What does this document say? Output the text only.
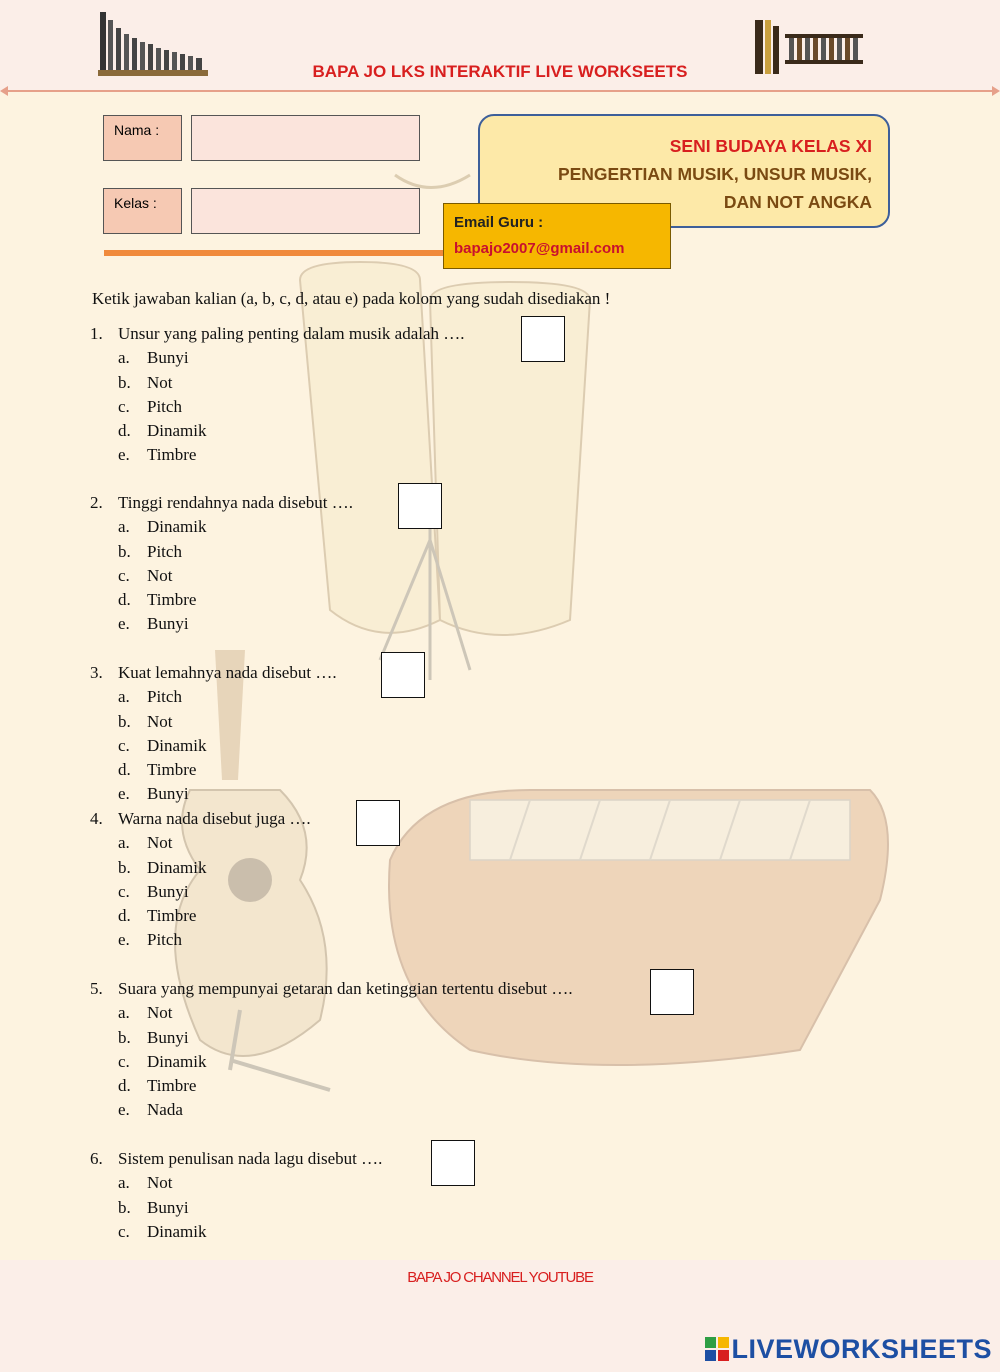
BAPA JO LKS INTERAKTIF LIVE WORKSEETS
Nama :
Kelas :
SENI BUDAYA KELAS XI
PENGERTIAN MUSIK, UNSUR MUSIK,
DAN NOT ANGKA
Email Guru :
bapajo2007@gmail.com
Ketik jawaban kalian (a, b, c, d, atau e) pada kolom yang sudah disediakan !
1. Unsur yang paling penting dalam musik adalah ….
a. Bunyi
b. Not
c. Pitch
d. Dinamik
e. Timbre
2. Tinggi rendahnya nada disebut ….
a. Dinamik
b. Pitch
c. Not
d. Timbre
e. Bunyi
3. Kuat lemahnya nada disebut ….
a. Pitch
b. Not
c. Dinamik
d. Timbre
e. Bunyi
4. Warna nada disebut juga ….
a. Not
b. Dinamik
c. Bunyi
d. Timbre
e. Pitch
5. Suara yang mempunyai getaran dan ketinggian tertentu disebut ….
a. Not
b. Bunyi
c. Dinamik
d. Timbre
e. Nada
6. Sistem penulisan nada lagu disebut ….
a. Not
b. Bunyi
c. Dinamik
BAPA JO CHANNEL YOUTUBE
LIVEWORKSHEETS
